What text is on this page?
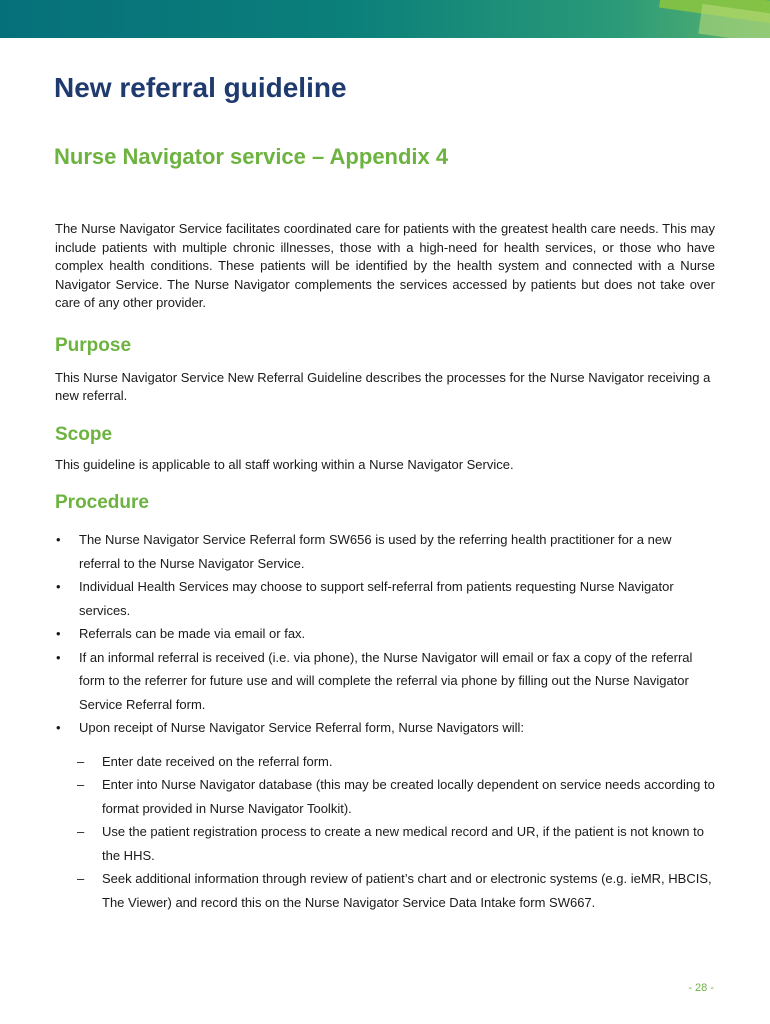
New referral guideline
Nurse Navigator service – Appendix 4

The Nurse Navigator Service facilitates coordinated care for patients with the greatest health care needs. This may include patients with multiple chronic illnesses, those with a high-need for health services, or those who have complex health conditions. These patients will be identified by the health system and connected with a Nurse Navigator Service. The Nurse Navigator complements the services accessed by patients but does not take over care of any other provider.

Purpose

This Nurse Navigator Service New Referral Guideline describes the processes for the Nurse Navigator receiving a new referral.

Scope

This guideline is applicable to all staff working within a Nurse Navigator Service.

Procedure
• The Nurse Navigator Service Referral form SW656 is used by the referring health practitioner for a new referral to the Nurse Navigator Service.
• Individual Health Services may choose to support self-referral from patients requesting Nurse Navigator services.
• Referrals can be made via email or fax.
• If an informal referral is received (i.e. via phone), the Nurse Navigator will email or fax a copy of the referral form to the referrer for future use and will complete the referral via phone by filling out the Nurse Navigator Service Referral form.
• Upon receipt of Nurse Navigator Service Referral form, Nurse Navigators will:
– Enter date received on the referral form.
– Enter into Nurse Navigator database (this may be created locally dependent on service needs according to format provided in Nurse Navigator Toolkit).
– Use the patient registration process to create a new medical record and UR, if the patient is not known to the HHS.
– Seek additional information through review of patient’s chart and or electronic systems (e.g. ieMR, HBCIS, The Viewer) and record this on the Nurse Navigator Service Data Intake form SW667.
- 28 -
